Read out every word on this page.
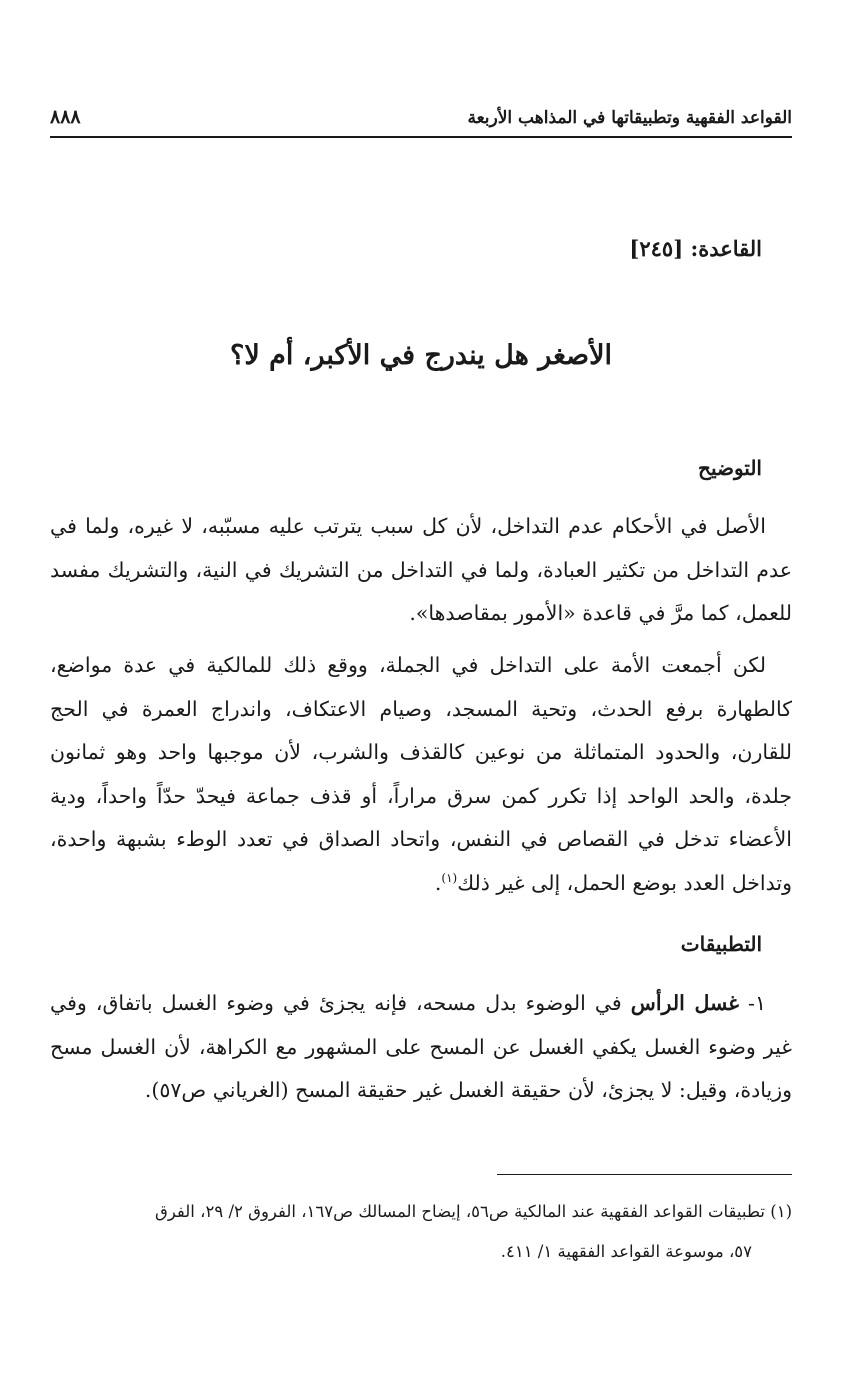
القواعد الفقهية وتطبيقاتها في المذاهب الأربعة
٨٨٨
القاعدة: [٢٤٥]
الأصغر هل يندرج في الأكبر، أم لا؟
التوضيح
الأصل في الأحكام عدم التداخل، لأن كل سبب يترتب عليه مسبّبه، لا غيره، ولما في عدم التداخل من تكثير العبادة، ولما في التداخل من التشريك في النية، والتشريك مفسد للعمل، كما مرَّ في قاعدة «الأمور بمقاصدها».
لكن أجمعت الأمة على التداخل في الجملة، ووقع ذلك للمالكية في عدة مواضع، كالطهارة برفع الحدث، وتحية المسجد، وصيام الاعتكاف، واندراج العمرة في الحج للقارن، والحدود المتماثلة من نوعين كالقذف والشرب، لأن موجبها واحد وهو ثمانون جلدة، والحد الواحد إذا تكرر كمن سرق مراراً، أو قذف جماعة فيحدّ حدّاً واحداً، ودية الأعضاء تدخل في القصاص في النفس، واتحاد الصداق في تعدد الوطء بشبهة واحدة، وتداخل العدد بوضع الحمل، إلى غير ذلك$^{(١)}$.
التطبيقات
١- غسل الرأس في الوضوء بدل مسحه، فإنه يجزئ في وضوء الغسل باتفاق، وفي غير وضوء الغسل يكفي الغسل عن المسح على المشهور مع الكراهة، لأن الغسل مسح وزيادة، وقيل: لا يجزئ، لأن حقيقة الغسل غير حقيقة المسح (الغرياني ص٥٧).
(١) تطبيقات القواعد الفقهية عند المالكية ص٥٦، إيضاح المسالك ص١٦٧، الفروق ٢/ ٢٩، الفرق
٥٧، موسوعة القواعد الفقهية ١/ ٤١١.
